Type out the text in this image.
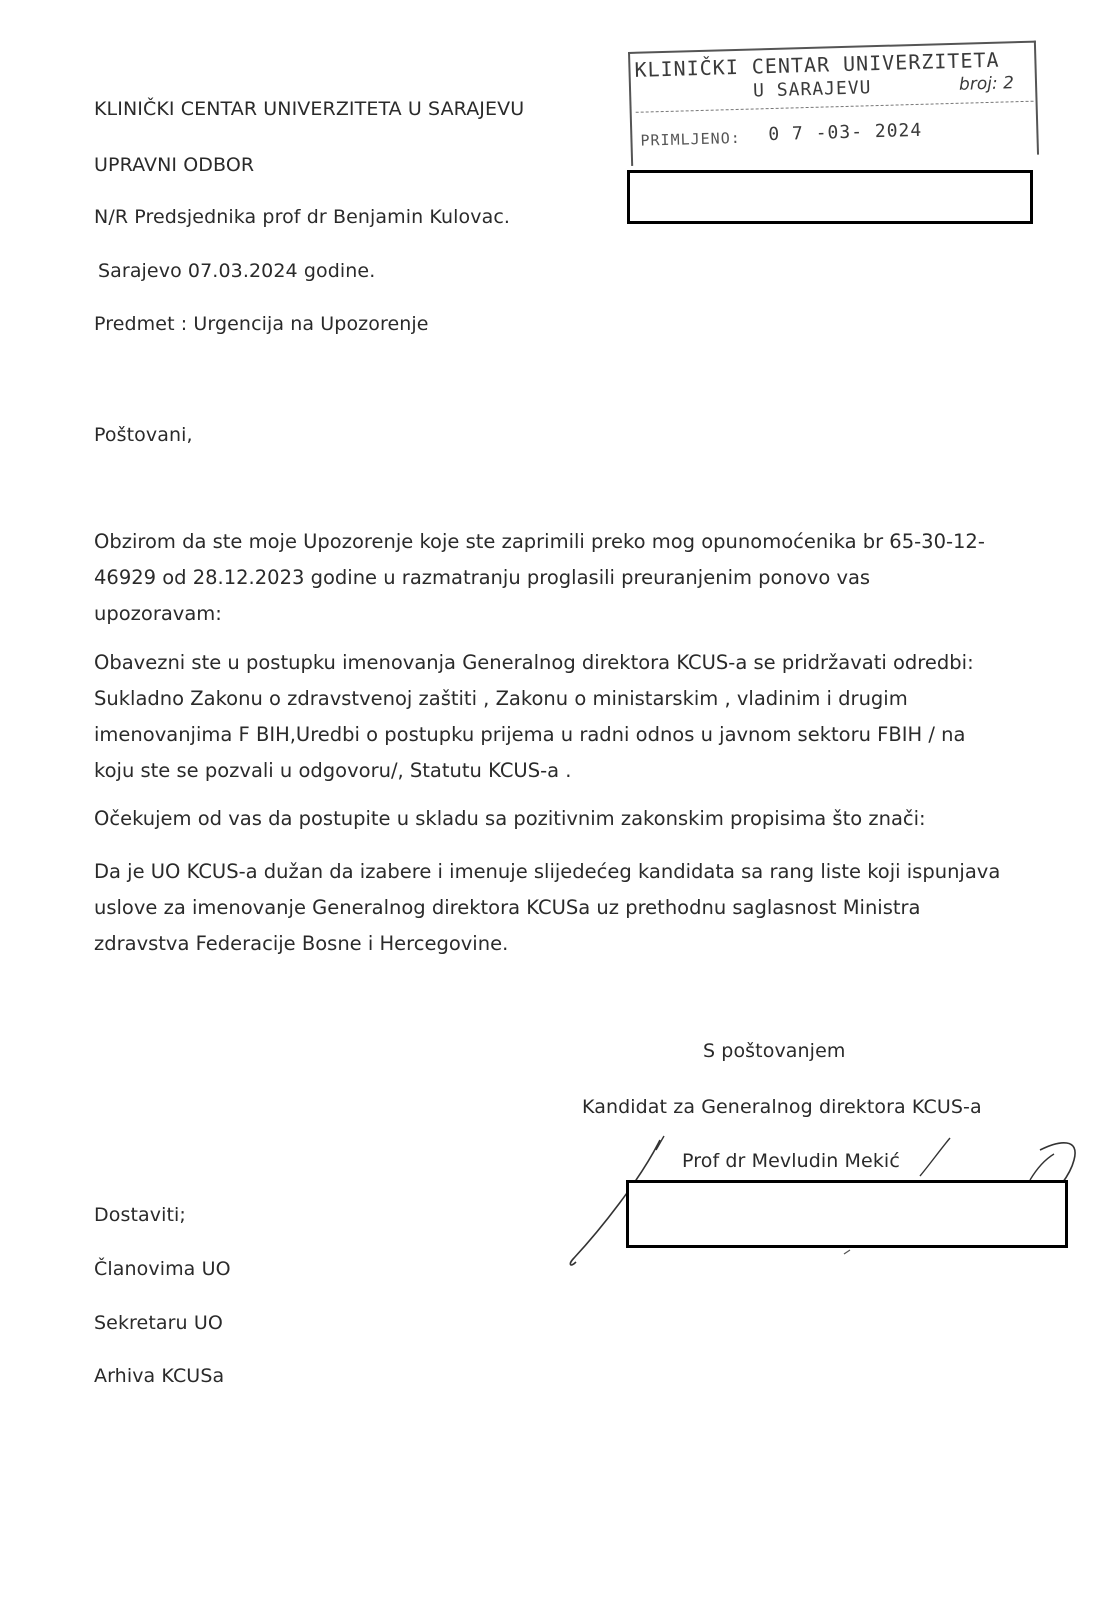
KLINIČKI CENTAR UNIVERZITETA
U SARAJEVU	broj: 2
PRIMLJENO: 0 7 -03- 2024
KLINIČKI CENTAR UNIVERZITETA U SARAJEVU
UPRAVNI ODBOR
N/R Predsjednika prof dr Benjamin Kulovac.
Sarajevo 07.03.2024 godine.
Predmet : Urgencija na Upozorenje
Poštovani,
Obzirom da ste moje Upozorenje koje ste zaprimili preko mog opunomoćenika br 65-30-12-
46929 od 28.12.2023 godine u razmatranju proglasili preuranjenim ponovo vas
upozoravam:
Obavezni ste u postupku imenovanja Generalnog direktora KCUS-a se pridržavati odredbi:
Sukladno Zakonu o zdravstvenoj zaštiti , Zakonu o ministarskim , vladinim i drugim
imenovanjima F BIH,Uredbi o postupku prijema u radni odnos u javnom sektoru FBIH / na
koju ste se pozvali u odgovoru/, Statutu KCUS-a .
Očekujem od vas da postupite u skladu sa pozitivnim zakonskim propisima što znači:
Da je UO KCUS-a dužan da izabere i imenuje slijedećeg kandidata sa rang liste koji ispunjava
uslove za imenovanje Generalnog direktora KCUSa uz prethodnu saglasnost Ministra
zdravstva Federacije Bosne i Hercegovine.
S poštovanjem
Kandidat za Generalnog direktora KCUS-a
Prof dr Mevludin Mekić
Dostaviti;
Članovima UO
Sekretaru UO
Arhiva KCUSa
